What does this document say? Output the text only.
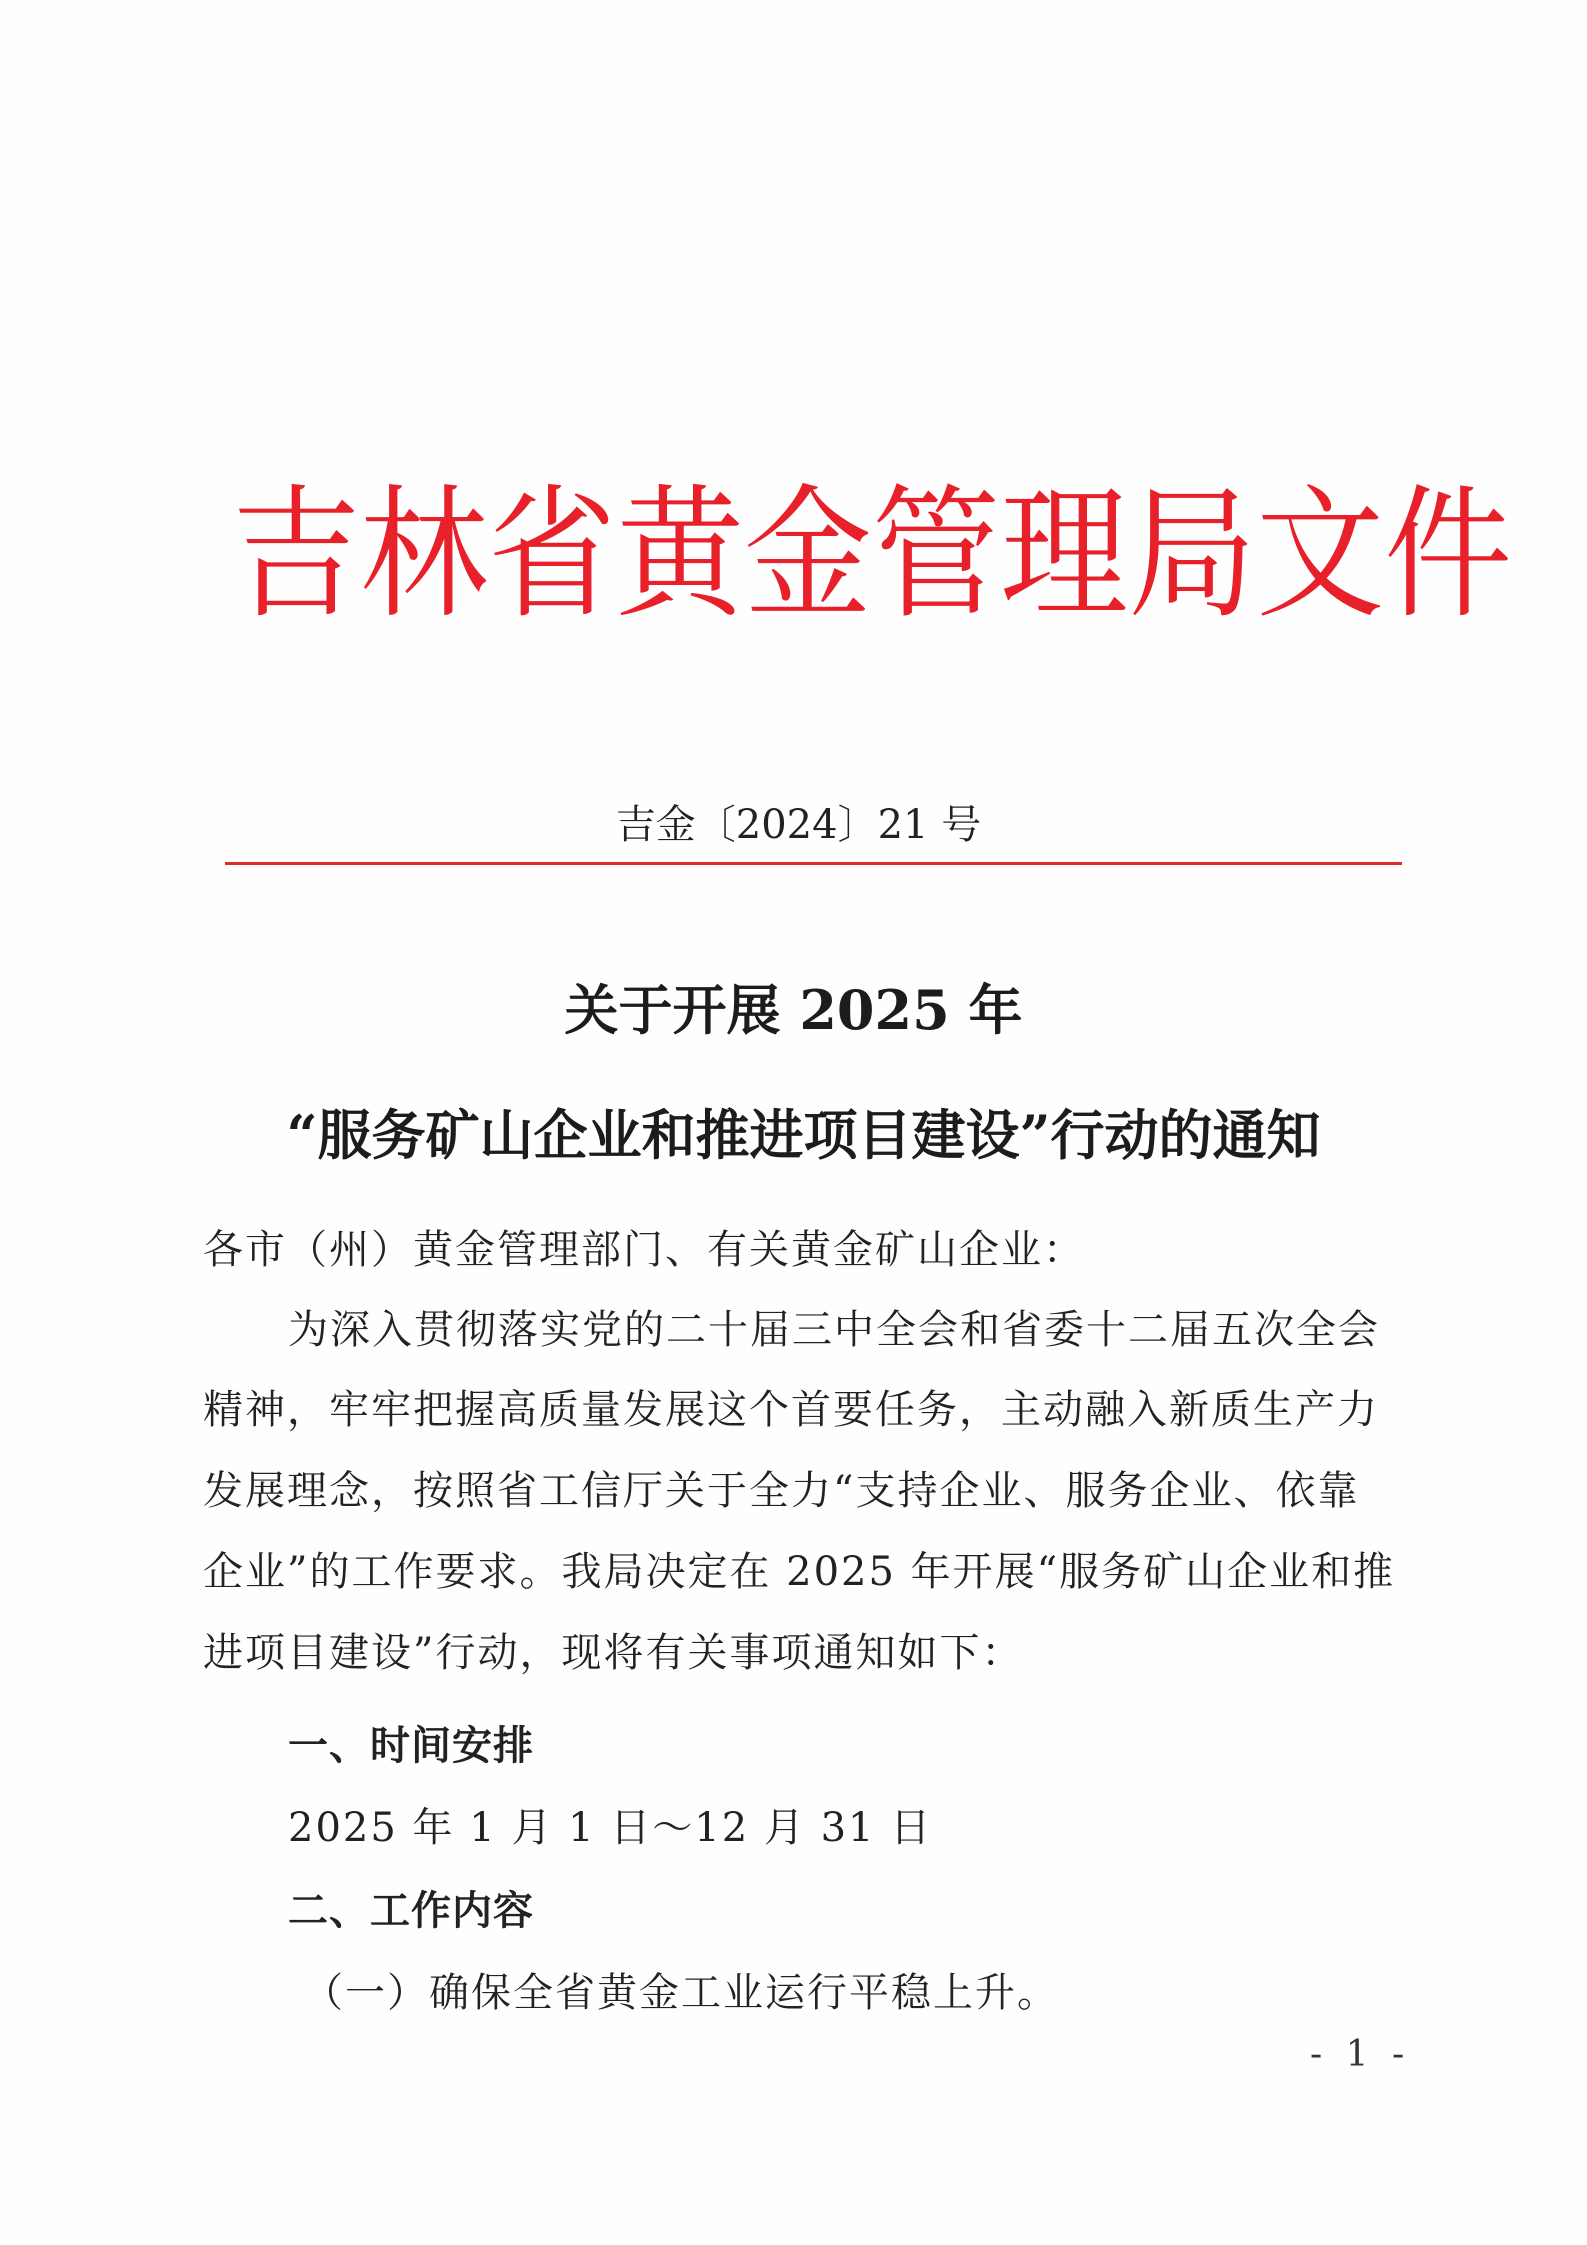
吉 林 省 黄 金 管 理 局 文 件
吉金〔2024〕21 号
关于开展 2025 年
“服务矿山企业和推进项目建设”行动的通知
各市（州）黄金管理部门、有关黄金矿山企业：
为深入贯彻落实党的二十届三中全会和省委十二届五次全会
精神，牢牢把握高质量发展这个首要任务，主动融入新质生产力
发展理念，按照省工信厅关于全力“支持企业、服务企业、依靠
企业”的工作要求。我局决定在 2025 年开展“服务矿山企业和推
进项目建设”行动，现将有关事项通知如下：
一、时间安排
2025 年 1 月 1 日～12 月 31 日
二、工作内容
（一）确保全省黄金工业运行平稳上升。
- 1 -
